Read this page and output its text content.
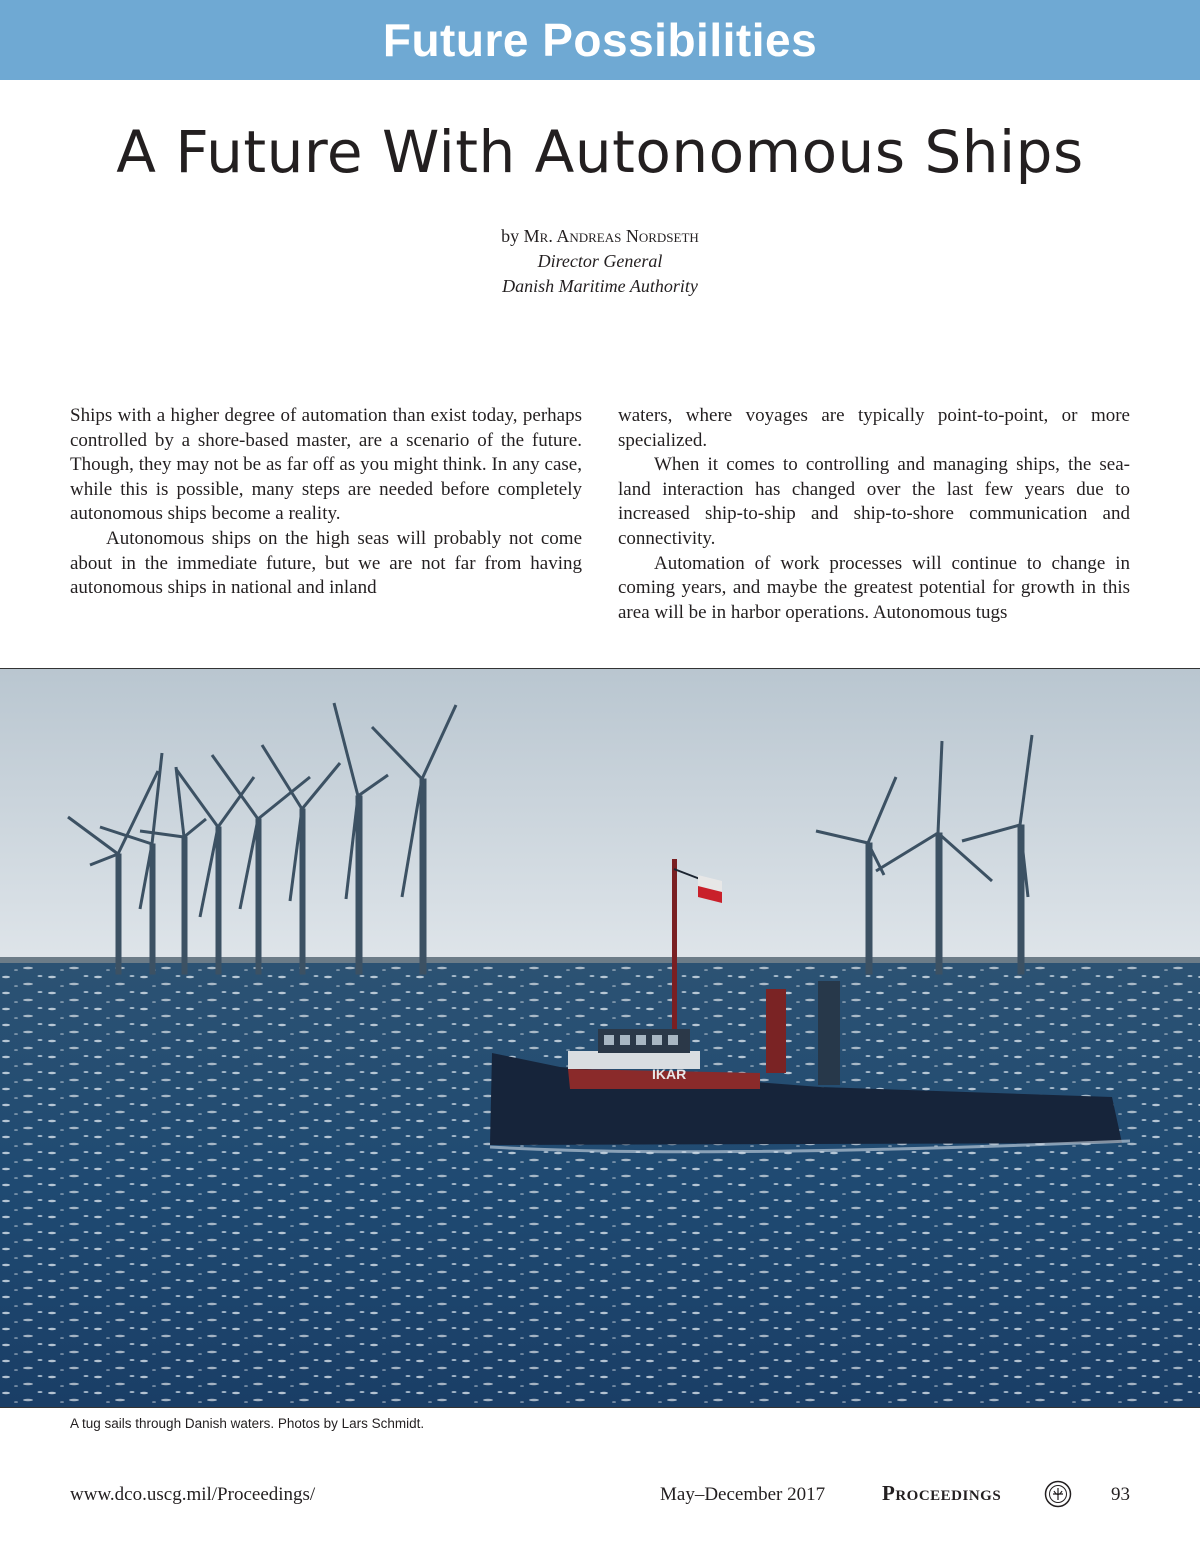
Future Possibilities
A Future With Autonomous Ships
by Mr. Andreas Nordseth
Director General
Danish Maritime Authority

Ships with a higher degree of automation than exist today, perhaps controlled by a shore-based master, are a scenario of the future. Though, they may not be as far off as you might think. In any case, while this is possible, many steps are needed before completely autonomous ships become a reality.

Autonomous ships on the high seas will probably not come about in the immediate future, but we are not far from having autonomous ships in national and inland

waters, where voyages are typically point-to-point, or more specialized.

When it comes to controlling and managing ships, the sea-land interaction has changed over the last few years due to increased ship-to-ship and ship-to-shore communication and connectivity.

Automation of work processes will continue to change in coming years, and maybe the greatest potential for growth in this area will be in harbor operations. Autonomous tugs

IKAR
A tug sails through Danish waters. Photos by Lars Schmidt.
www.dco.uscg.mil/Proceedings/	May–December 2017	Proceedings	93
